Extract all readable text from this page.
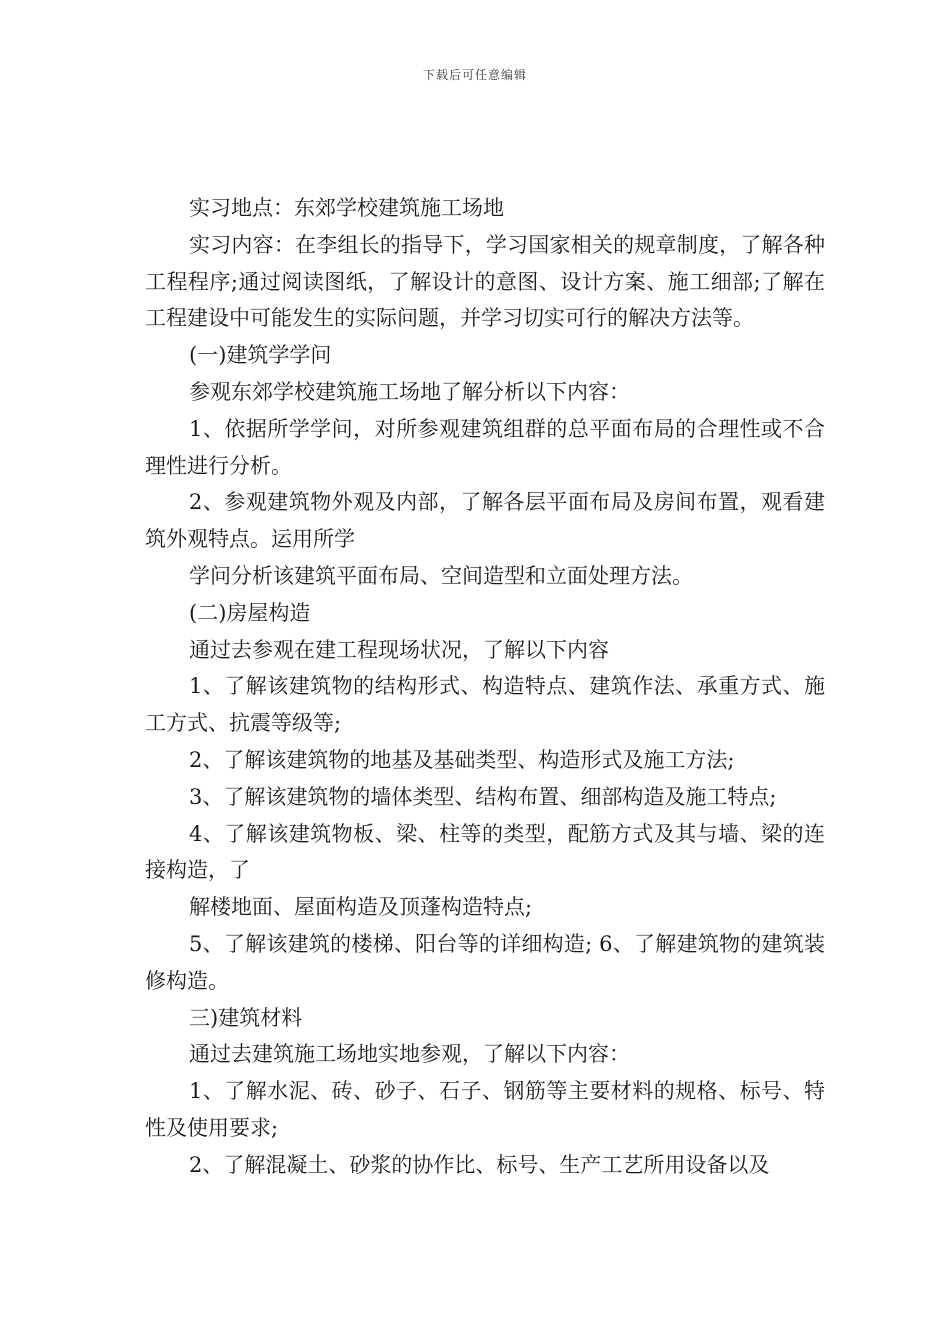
下载后可任意编辑

实习地点：东郊学校建筑施工场地

实习内容：在李组长的指导下，学习国家相关的规章制度，了解各种工程程序;通过阅读图纸，了解设计的意图、设计方案、施工细部;了解在工程建设中可能发生的实际问题，并学习切实可行的解决方法等。

(一)建筑学学问

参观东郊学校建筑施工场地了解分析以下内容：

1、依据所学学问，对所参观建筑组群的总平面布局的合理性或不合理性进行分析。

2、参观建筑物外观及内部，了解各层平面布局及房间布置，观看建筑外观特点。运用所学

学问分析该建筑平面布局、空间造型和立面处理方法。

(二)房屋构造

通过去参观在建工程现场状况，了解以下内容

1、了解该建筑物的结构形式、构造特点、建筑作法、承重方式、施工方式、抗震等级等;

2、了解该建筑物的地基及基础类型、构造形式及施工方法;

3、了解该建筑物的墙体类型、结构布置、细部构造及施工特点;

4、了解该建筑物板、梁、柱等的类型，配筋方式及其与墙、梁的连接构造，了

解楼地面、屋面构造及顶蓬构造特点;

5、了解该建筑的楼梯、阳台等的详细构造; 6、了解建筑物的建筑装修构造。

三)建筑材料

通过去建筑施工场地实地参观，了解以下内容：

1、了解水泥、砖、砂子、石子、钢筋等主要材料的规格、标号、特性及使用要求;

2、了解混凝土、砂浆的协作比、标号、生产工艺所用设备以及
